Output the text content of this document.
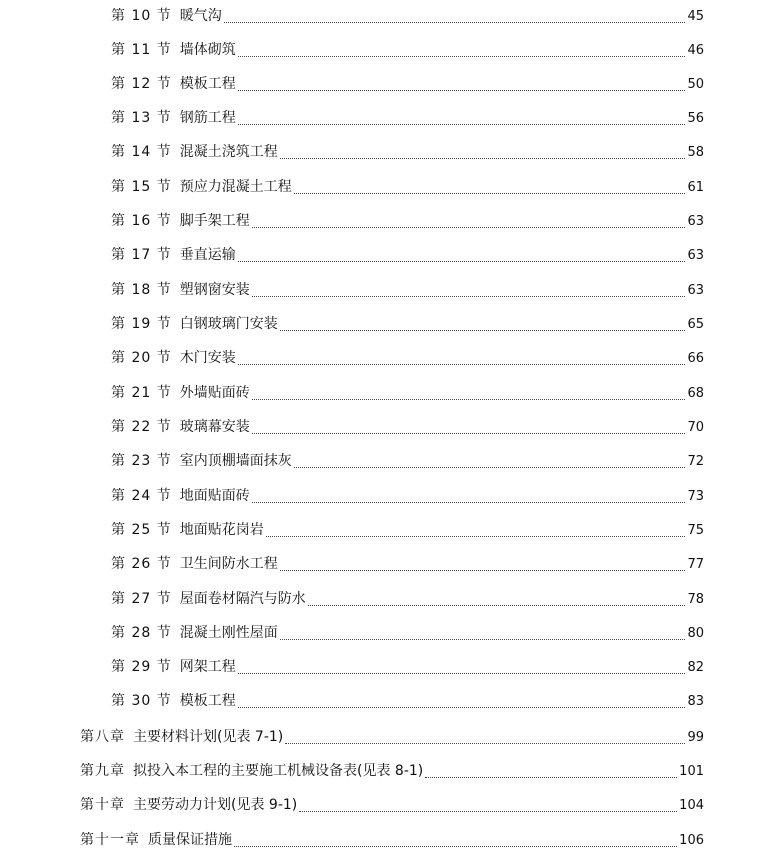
第 10 节 暖气沟	45
第 11 节 墙体砌筑	46
第 12 节 模板工程	50
第 13 节 钢筋工程	56
第 14 节 混凝土浇筑工程	58
第 15 节 预应力混凝土工程	61
第 16 节 脚手架工程	63
第 17 节 垂直运输	63
第 18 节 塑钢窗安装	63
第 19 节 白钢玻璃门安装	65
第 20 节 木门安装	66
第 21 节 外墙贴面砖	68
第 22 节 玻璃幕安装	70
第 23 节 室内顶棚墙面抹灰	72
第 24 节 地面贴面砖	73
第 25 节 地面贴花岗岩	75
第 26 节 卫生间防水工程	77
第 27 节 屋面卷材隔汽与防水	78
第 28 节 混凝土刚性屋面	80
第 29 节 网架工程	82
第 30 节 模板工程	83
第八章 主要材料计划(见表 7-1)	99
第九章 拟投入本工程的主要施工机械设备表(见表 8-1)	101
第十章 主要劳动力计划(见表 9-1)	104
第十一章 质量保证措施	106
